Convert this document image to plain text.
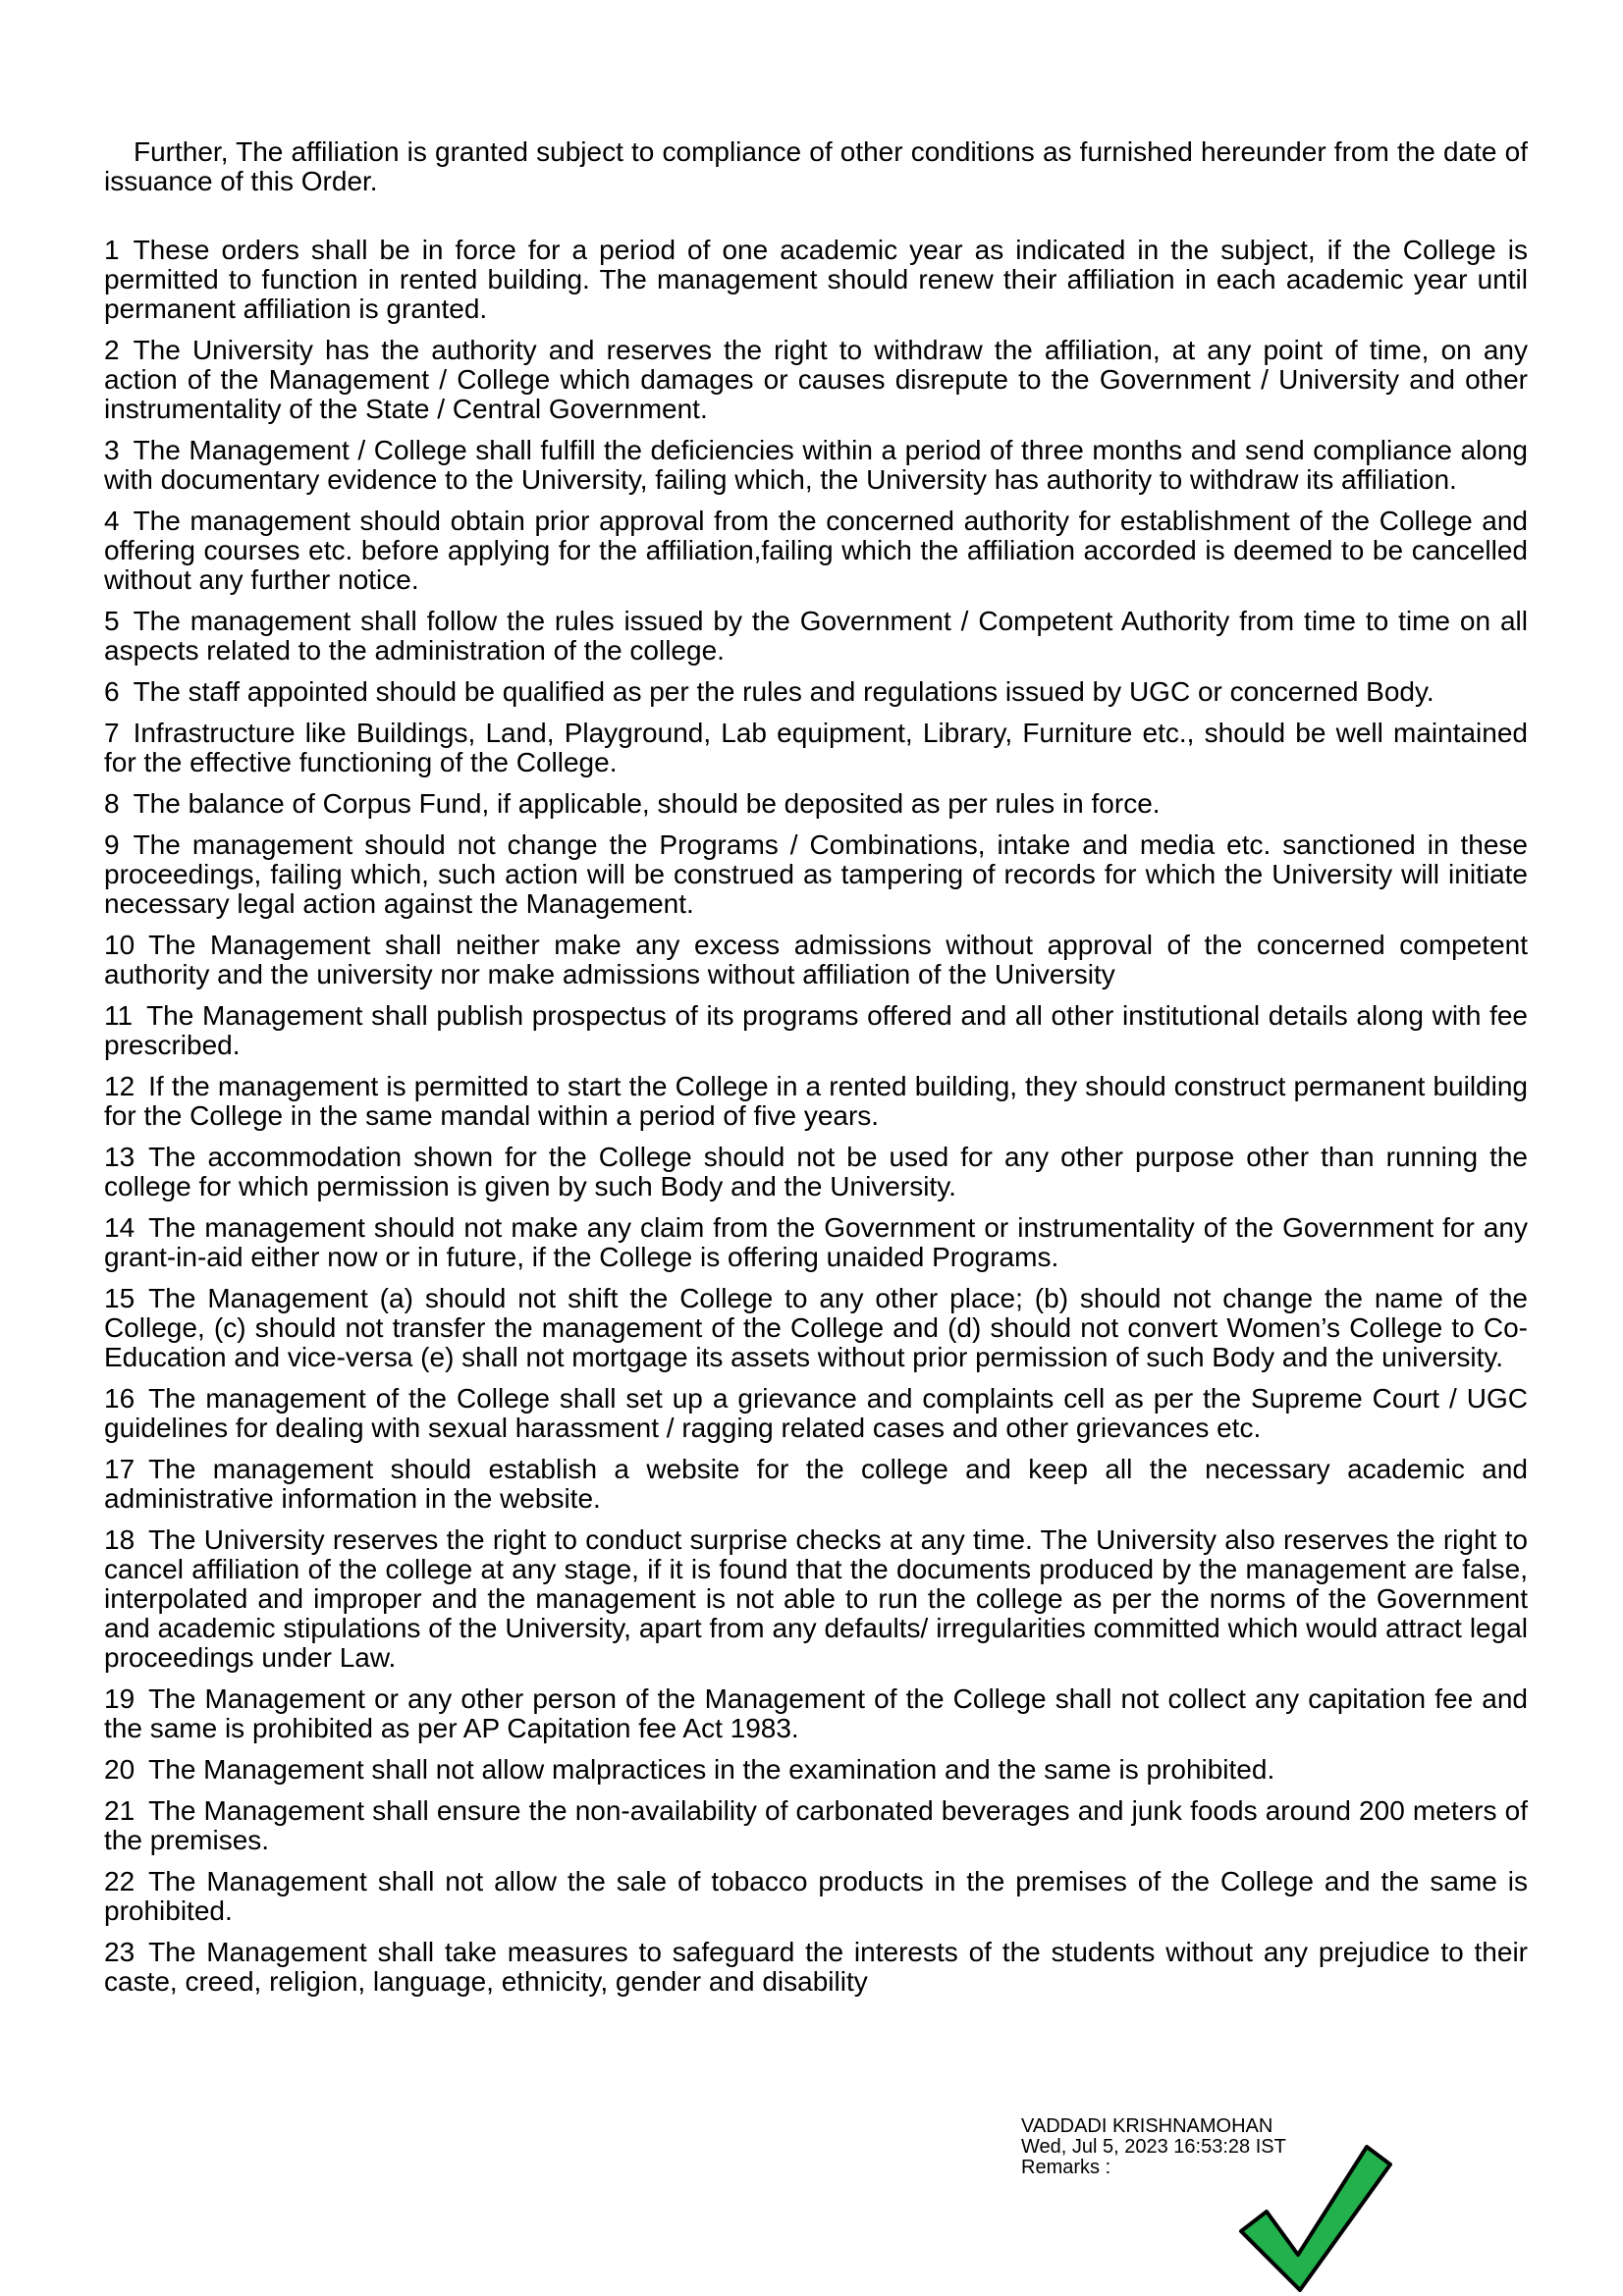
Further, The affiliation is granted subject to compliance of other conditions as furnished hereunder from the date of issuance of this Order.

1 These orders shall be in force for a period of one academic year as indicated in the subject, if the College is permitted to function in rented building. The management should renew their affiliation in each academic year until permanent affiliation is granted.

2 The University has the authority and reserves the right to withdraw the affiliation, at any point of time, on any action of the Management / College which damages or causes disrepute to the Government / University and other instrumentality of the State / Central Government.

3 The Management / College shall fulfill the deficiencies within a period of three months and send compliance along with documentary evidence to the University, failing which, the University has authority to withdraw its affiliation.

4 The management should obtain prior approval from the concerned authority for establishment of the College and offering courses etc. before applying for the affiliation,failing which the affiliation accorded is deemed to be cancelled without any further notice.

5 The management shall follow the rules issued by the Government / Competent Authority from time to time on all aspects related to the administration of the college.

6 The staff appointed should be qualified as per the rules and regulations issued by UGC or concerned Body.

7 Infrastructure like Buildings, Land, Playground, Lab equipment, Library, Furniture etc., should be well maintained for the effective functioning of the College.

8 The balance of Corpus Fund, if applicable, should be deposited as per rules in force.

9 The management should not change the Programs / Combinations, intake and media etc. sanctioned in these proceedings, failing which, such action will be construed as tampering of records for which the University will initiate necessary legal action against the Management.

10 The Management shall neither make any excess admissions without approval of the concerned competent authority and the university nor make admissions without affiliation of the University

11 The Management shall publish prospectus of its programs offered and all other institutional details along with fee prescribed.

12 If the management is permitted to start the College in a rented building, they should construct permanent building for the College in the same mandal within a period of five years.

13 The accommodation shown for the College should not be used for any other purpose other than running the college for which permission is given by such Body and the University.

14 The management should not make any claim from the Government or instrumentality of the Government for any grant-in-aid either now or in future, if the College is offering unaided Programs.

15 The Management (a) should not shift the College to any other place; (b) should not change the name of the College, (c) should not transfer the management of the College and (d) should not convert Women’s College to Co-Education and vice-versa (e) shall not mortgage its assets without prior permission of such Body and the university.

16 The management of the College shall set up a grievance and complaints cell as per the Supreme Court / UGC guidelines for dealing with sexual harassment / ragging related cases and other grievances etc.

17 The management should establish a website for the college and keep all the necessary academic and administrative information in the website.

18 The University reserves the right to conduct surprise checks at any time. The University also reserves the right to cancel affiliation of the college at any stage, if it is found that the documents produced by the management are false, interpolated and improper and the management is not able to run the college as per the norms of the Government and academic stipulations of the University, apart from any defaults/ irregularities committed which would attract legal proceedings under Law.

19 The Management or any other person of the Management of the College shall not collect any capitation fee and the same is prohibited as per AP Capitation fee Act 1983.

20 The Management shall not allow malpractices in the examination and the same is prohibited.

21 The Management shall ensure the non-availability of carbonated beverages and junk foods around 200 meters of the premises.

22 The Management shall not allow the sale of tobacco products in the premises of the College and the same is prohibited.

23 The Management shall take measures to safeguard the interests of the students without any prejudice to their caste, creed, religion, language, ethnicity, gender and disability

VADDADI KRISHNAMOHAN
Wed, Jul 5, 2023 16:53:28 IST
Remarks :
